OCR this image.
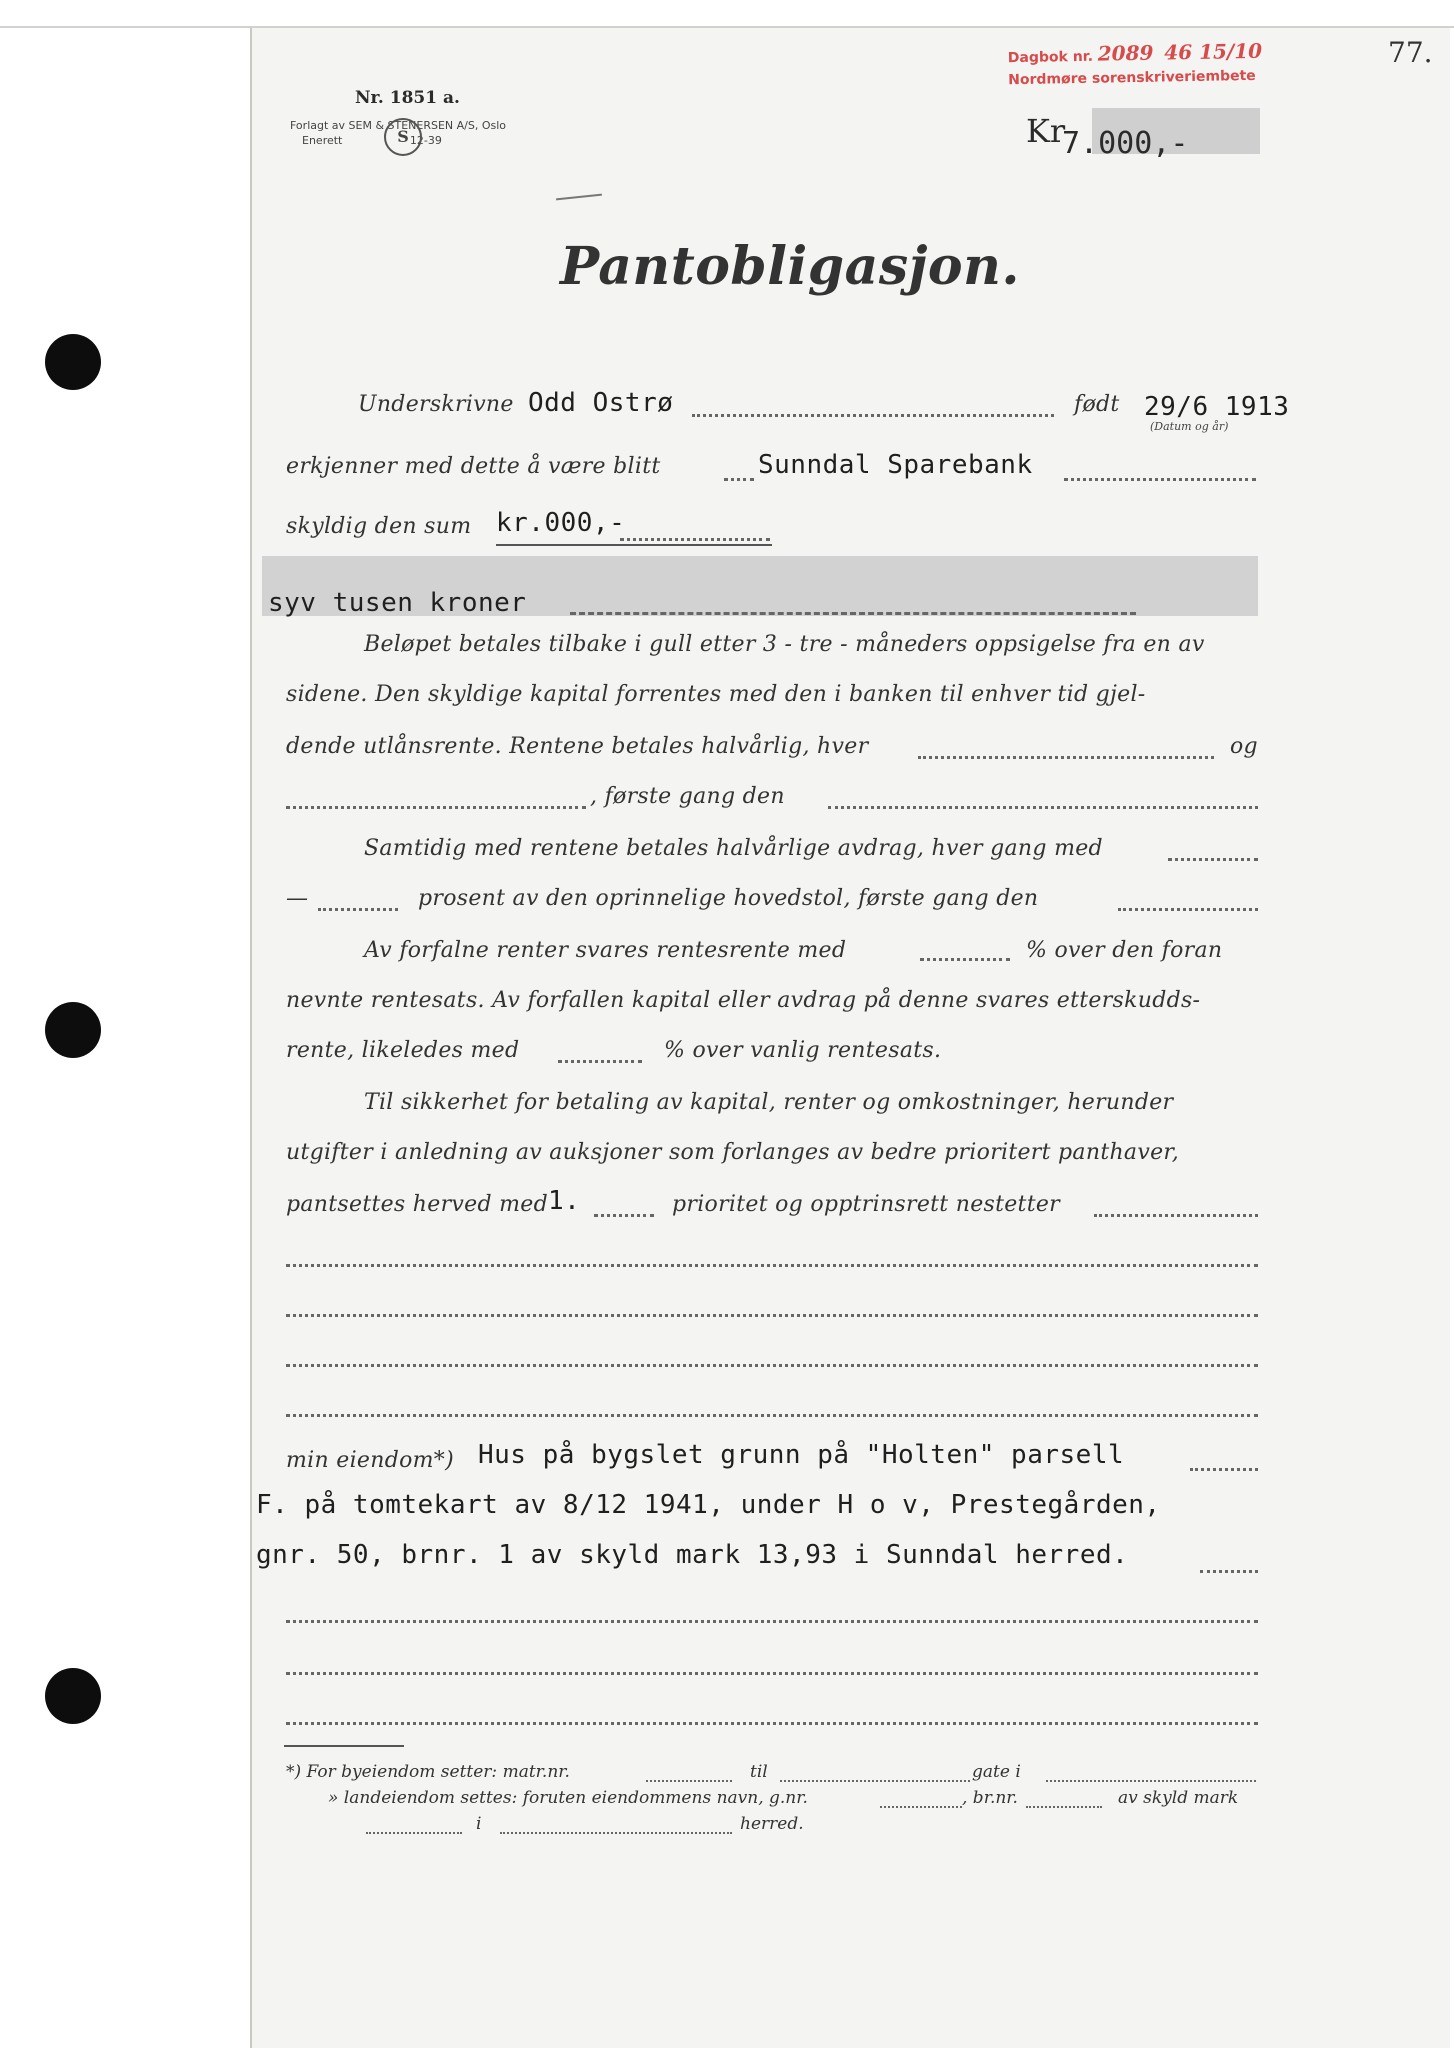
Nr. 1851 a.
Forlagt av SEM & STENERSEN A/S, Oslo
Enerett	12-39
S
Dagbok nr. 2089 46 15/10
Nordmøre sorenskriveriembete
77.
Kr
7.000,-
Pantobligasjon.
Underskrivne Odd Ostrø	født 29/6 1913
(Datum og år)
erkjenner med dette å være blitt	Sunndal Sparebank
skyldig den sum kr.000,-
syv tusen kroner
Beløpet betales tilbake i gull etter 3 - tre - måneders oppsigelse fra en av
sidene. Den skyldige kapital forrentes med den i banken til enhver tid gjel-
dende utlånsrente. Rentene betales halvårlig, hver	og
, første gang den
Samtidig med rentene betales halvårlige avdrag, hver gang med
—	prosent av den oprinnelige hovedstol, første gang den
Av forfalne renter svares rentesrente med	% over den foran
nevnte rentesats. Av forfallen kapital eller avdrag på denne svares etterskudds-
rente, likeledes med	% over vanlig rentesats.
Til sikkerhet for betaling av kapital, renter og omkostninger, herunder
utgifter i anledning av auksjoner som forlanges av bedre prioritert panthaver,
pantsettes herved med 1.	prioritet og opptrinsrett nestetter
min eiendom*) Hus på bygslet grunn på "Holten" parsell
F. på tomtekart av 8/12 1941, under H o v, Prestegården,
gnr. 50, brnr. 1 av skyld mark 13,93 i Sunndal herred.
*) For byeiendom setter: matr.nr.	til	gate i
» landeiendom settes: foruten eiendommens navn, g.nr.	, br.nr.	av skyld mark
i	herred.
